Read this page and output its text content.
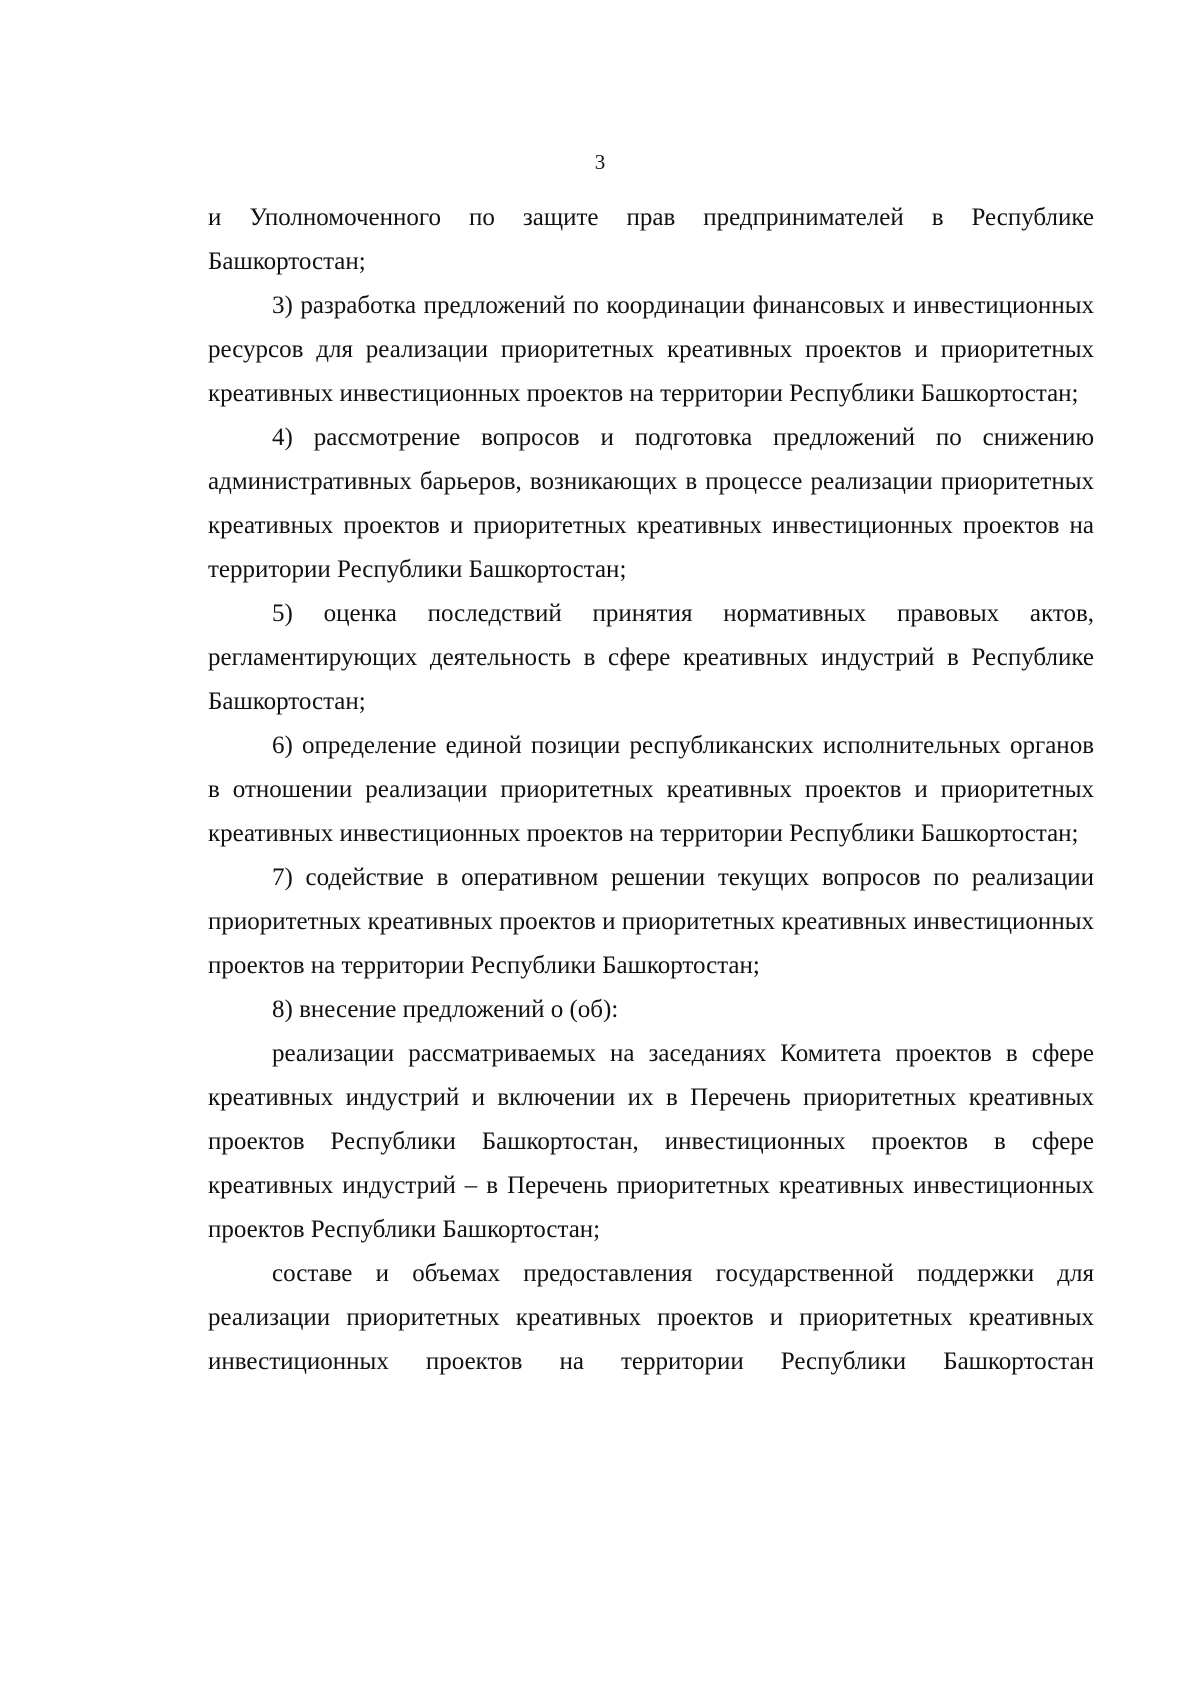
3

и Уполномоченного по защите прав предпринимателей в Республике Башкортостан;

3) разработка предложений по координации финансовых и инвестиционных ресурсов для реализации приоритетных креативных проектов и приоритетных креативных инвестиционных проектов на территории Республики Башкортостан;

4) рассмотрение вопросов и подготовка предложений по снижению административных барьеров, возникающих в процессе реализации приоритетных креативных проектов и приоритетных креативных инвестиционных проектов на территории Республики Башкортостан;

5) оценка последствий принятия нормативных правовых актов, регламентирующих деятельность в сфере креативных индустрий в Республике Башкортостан;

6) определение единой позиции республиканских исполнительных органов в отношении реализации приоритетных креативных проектов и приоритетных креативных инвестиционных проектов на территории Республики Башкортостан;

7) содействие в оперативном решении текущих вопросов по реализации приоритетных креативных проектов и приоритетных креативных инвестиционных проектов на территории Республики Башкортостан;

8) внесение предложений о (об):

реализации рассматриваемых на заседаниях Комитета проектов в сфере креативных индустрий и включении их в Перечень приоритетных креативных проектов Республики Башкортостан, инвестиционных проектов в сфере креативных индустрий – в Перечень приоритетных креативных инвестиционных проектов Республики Башкортостан;

составе и объемах предоставления государственной поддержки для реализации приоритетных креативных проектов и приоритетных креативных инвестиционных проектов на территории Республики Башкортостан
